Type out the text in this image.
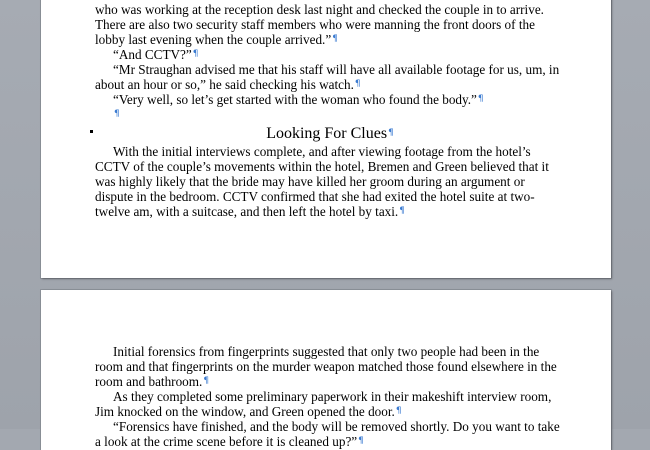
who was working at the reception desk last night and checked the couple in to arrive. There are also two security staff members who were manning the front doors of the lobby last evening when the couple arrived.”¶

“And CCTV?”¶

“Mr Straughan advised me that his staff will have all available footage for us, um, in about an hour or so,” he said checking his watch.¶

“Very well, so let’s get started with the woman who found the body.”¶

¶

Looking For Clues¶

With the initial interviews complete, and after viewing footage from the hotel’s CCTV of the couple’s movements within the hotel, Bremen and Green believed that it was highly likely that the bride may have killed her groom during an argument or dispute in the bedroom. CCTV confirmed that she had exited the hotel suite at two-twelve am, with a suitcase, and then left the hotel by taxi.¶

Initial forensics from fingerprints suggested that only two people had been in the room and that fingerprints on the murder weapon matched those found elsewhere in the room and bathroom.¶

As they completed some preliminary paperwork in their makeshift interview room, Jim knocked on the window, and Green opened the door.¶

“Forensics have finished, and the body will be removed shortly. Do you want to take a look at the crime scene before it is cleaned up?”¶
